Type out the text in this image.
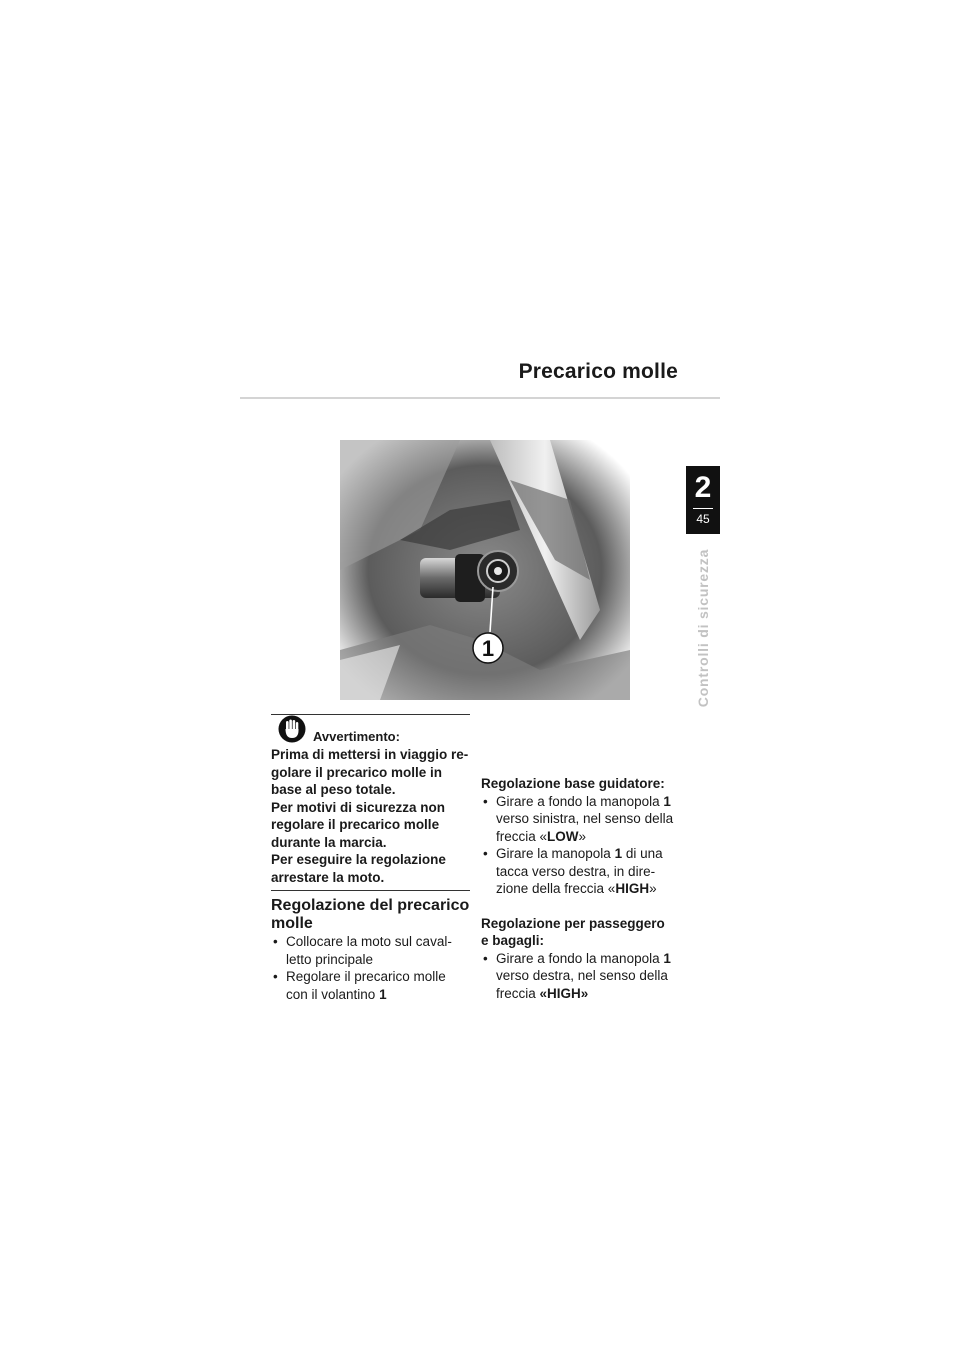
Precarico molle
2
45
Controlli di sicurezza
1
Avvertimento:

Prima di mettersi in viaggio re-
golare il precarico molle in
base al peso totale.
Per motivi di sicurezza non
regolare il precarico molle
durante la marcia.
Per eseguire la regolazione
arrestare la moto.

Regolazione del precarico
molle
• Collocare la moto sul caval-
letto principale
• Regolare il precarico molle
con il volantino 1
Regolazione base guidatore:
• Girare a fondo la manopola 1
verso sinistra, nel senso della
freccia «LOW»
• Girare la manopola 1 di una
tacca verso destra, in dire-
zione della freccia «HIGH»
Regolazione per passeggero
e bagagli:
• Girare a fondo la manopola 1
verso destra, nel senso della
freccia «HIGH»
